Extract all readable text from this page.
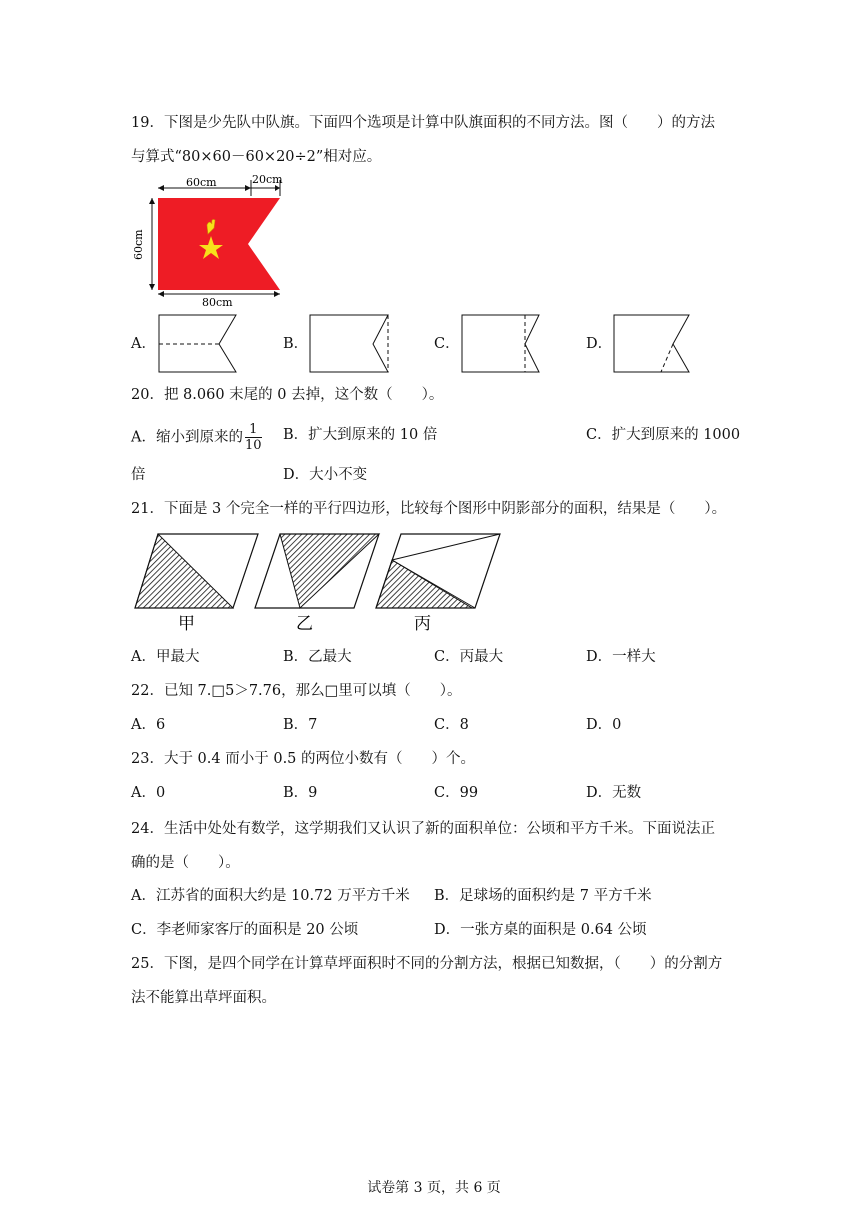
19．下图是少先队中队旗。下面四个选项是计算中队旗面积的不同方法。图（　　）的方法
与算式“80×60－60×20÷2”相对应。
60cm	20cm
60cm
80cm
A．	B．	C．	D．
20．把 8.060 末尾的 0 去掉，这个数（　　）。
A．缩小到原来的 $\frac{1}{10}$ B．扩大到原来的 10 倍	C．扩大到原来的 1000
倍	D．大小不变
21．下面是 3 个完全一样的平行四边形，比较每个图形中阴影部分的面积，结果是（　　）。
甲	乙	丙
A．甲最大	B．乙最大	C．丙最大	D．一样大
22．已知 7.□5＞7.76，那么□里可以填（　　）。
A．6	B．7	C．8	D．0
23．大于 0.4 而小于 0.5 的两位小数有（　　）个。
A．0	B．9	C．99	D．无数
24．生活中处处有数学，这学期我们又认识了新的面积单位：公顷和平方千米。下面说法正
确的是（　　）。
A．江苏省的面积大约是 10.72 万平方千米 B．足球场的面积约是 7 平方千米
C．李老师家客厅的面积是 20 公顷	D．一张方桌的面积是 0.64 公顷
25．下图，是四个同学在计算草坪面积时不同的分割方法，根据已知数据，（　　）的分割方
法不能算出草坪面积。
试卷第 3 页，共 6 页
